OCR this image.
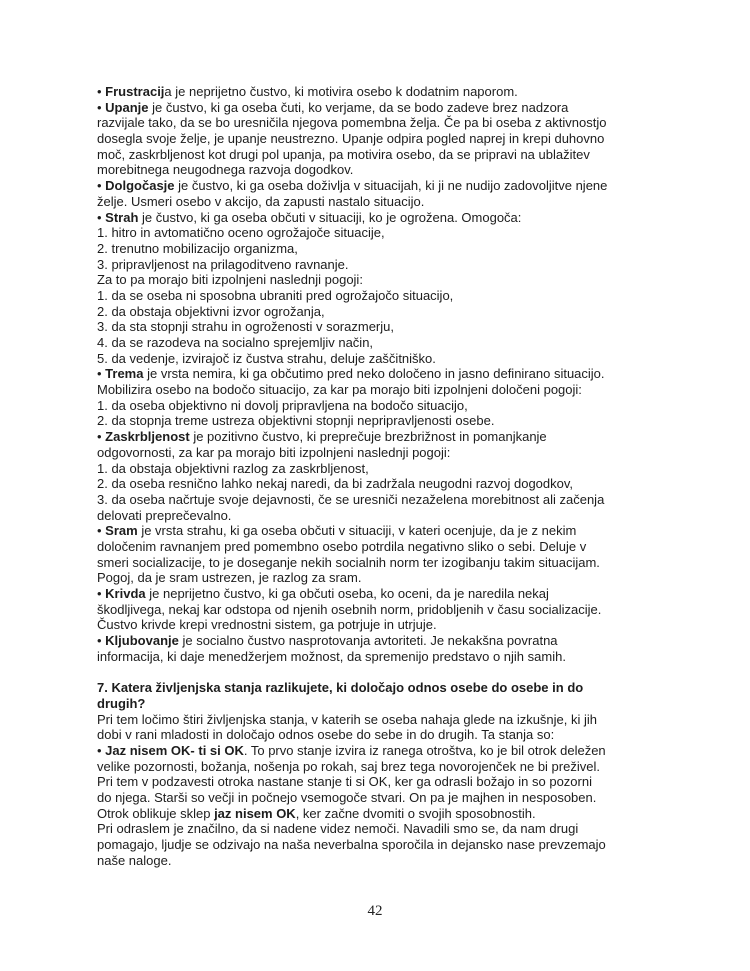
• Frustracija je neprijetno čustvo, ki motivira osebo k dodatnim naporom.
• Upanje je čustvo, ki ga oseba čuti, ko verjame, da se bodo zadeve brez nadzora
razvijale tako, da se bo uresničila njegova pomembna želja. Če pa bi oseba z aktivnostjo
dosegla svoje želje, je upanje neustrezno. Upanje odpira pogled naprej in krepi duhovno
moč, zaskrbljenost kot drugi pol upanja, pa motivira osebo, da se pripravi na ublažitev
morebitnega neugodnega razvoja dogodkov.
• Dolgočasje je čustvo, ki ga oseba doživlja v situacijah, ki ji ne nudijo zadovoljitve njene
želje. Usmeri osebo v akcijo, da zapusti nastalo situacijo.
• Strah je čustvo, ki ga oseba občuti v situaciji, ko je ogrožena. Omogoča:
1. hitro in avtomatično oceno ogrožajoče situacije,
2. trenutno mobilizacijo organizma,
3. pripravljenost na prilagoditveno ravnanje.
Za to pa morajo biti izpolnjeni naslednji pogoji:
1. da se oseba ni sposobna ubraniti pred ogrožajočo situacijo,
2. da obstaja objektivni izvor ogrožanja,
3. da sta stopnji strahu in ogroženosti v sorazmerju,
4. da se razodeva na socialno sprejemljiv način,
5. da vedenje, izvirajoč iz čustva strahu, deluje zaščitniško.
• Trema je vrsta nemira, ki ga občutimo pred neko določeno in jasno definirano situacijo.
Mobilizira osebo na bodočo situacijo, za kar pa morajo biti izpolnjeni določeni pogoji:
1. da oseba objektivno ni dovolj pripravljena na bodočo situacijo,
2. da stopnja treme ustreza objektivni stopnji nepripravljenosti osebe.
• Zaskrbljenost je pozitivno čustvo, ki preprečuje brezbrižnost in pomanjkanje
odgovornosti, za kar pa morajo biti izpolnjeni naslednji pogoji:
1. da obstaja objektivni razlog za zaskrbljenost,
2. da oseba resnično lahko nekaj naredi, da bi zadržala neugodni razvoj dogodkov,
3. da oseba načrtuje svoje dejavnosti, če se uresniči nezaželena morebitnost ali začenja
delovati preprečevalno.
• Sram je vrsta strahu, ki ga oseba občuti v situaciji, v kateri ocenjuje, da je z nekim
določenim ravnanjem pred pomembno osebo potrdila negativno sliko o sebi. Deluje v
smeri socializacije, to je doseganje nekih socialnih norm ter izogibanju takim situacijam.
Pogoj, da je sram ustrezen, je razlog za sram.
• Krivda je neprijetno čustvo, ki ga občuti oseba, ko oceni, da je naredila nekaj
škodljivega, nekaj kar odstopa od njenih osebnih norm, pridobljenih v času socializacije.
Čustvo krivde krepi vrednostni sistem, ga potrjuje in utrjuje.
• Kljubovanje je socialno čustvo nasprotovanja avtoriteti. Je nekakšna povratna
informacija, ki daje menedžerjem možnost, da spremenijo predstavo o njih samih.
7. Katera življenjska stanja razlikujete, ki določajo odnos osebe do osebe in do
drugih?
Pri tem ločimo štiri življenjska stanja, v katerih se oseba nahaja glede na izkušnje, ki jih
dobi v rani mladosti in določajo odnos osebe do sebe in do drugih. Ta stanja so:
• Jaz nisem OK- ti si OK. To prvo stanje izvira iz ranega otroštva, ko je bil otrok deležen
velike pozornosti, božanja, nošenja po rokah, saj brez tega novorojenček ne bi preživel.
Pri tem v podzavesti otroka nastane stanje ti si OK, ker ga odrasli božajo in so pozorni
do njega. Starši so večji in počnejo vsemogoče stvari. On pa je majhen in nesposoben.
Otrok oblikuje sklep jaz nisem OK, ker začne dvomiti o svojih sposobnostih.
Pri odraslem je značilno, da si nadene videz nemoči. Navadili smo se, da nam drugi
pomagajo, ljudje se odzivajo na naša neverbalna sporočila in dejansko nase prevzemajo
naše naloge.
42
